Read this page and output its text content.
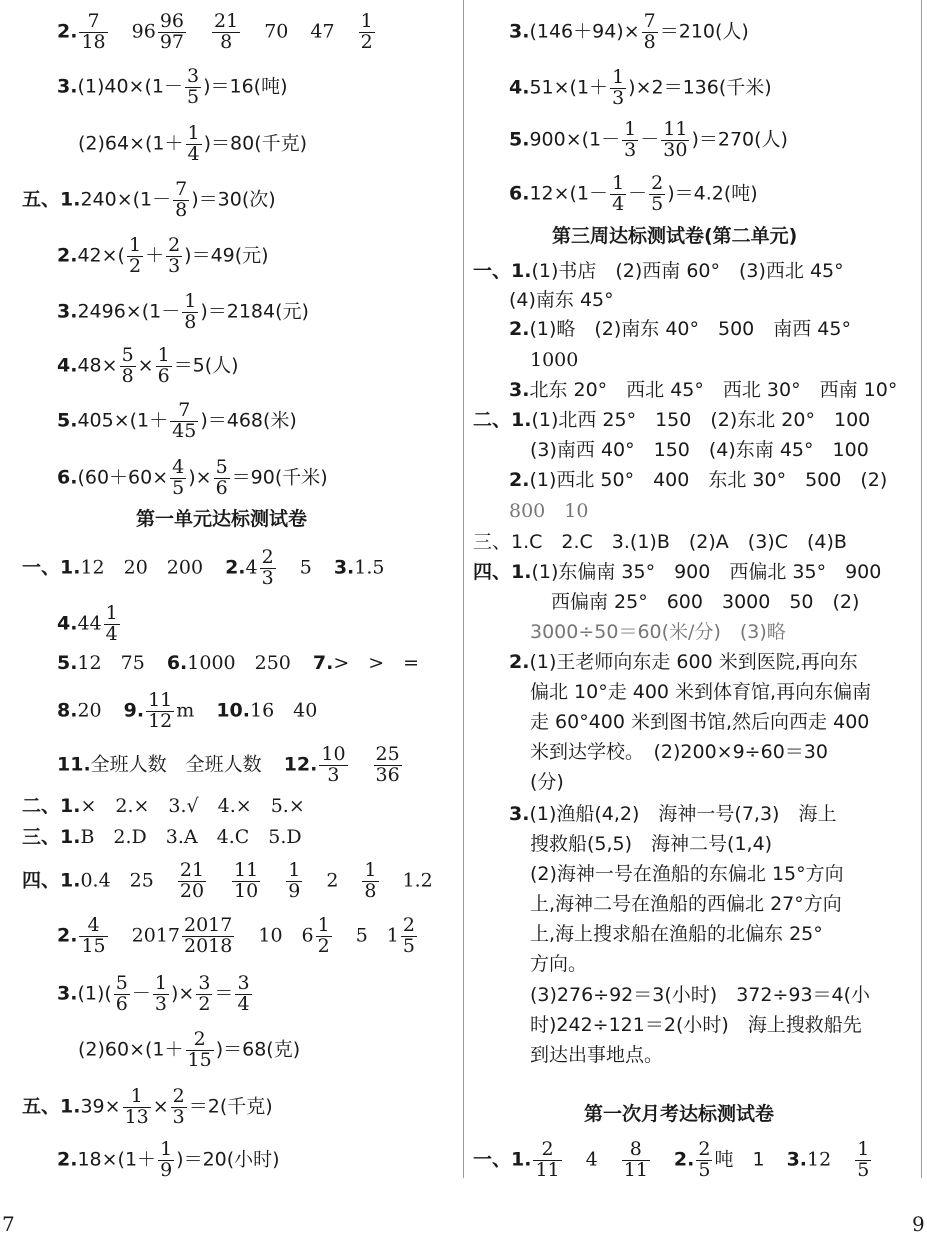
2. $\frac{7}{18} 96 \frac{96}{97} \frac{21}{8} 70$ $47 \frac{1}{2}$
$3.(1)40\times(1- \frac{3}{5} )=16$(吨)
$(2)64\times(1+ \frac{1}{4} )=80$(千克)
五、$1.240\times(1- \frac{7}{8} )=30$(次)
$2.42\times( \frac{1}{2} + \frac{2}{3} )=49$(元)
$3.2496\times(1- \frac{1}{8} )=2184$(元)
$4.48\times \frac{5}{8} \times \frac{1}{6} =5$(人)
$5.405\times(1+ \frac{7}{45} )=468$(米)
$6.(60+60\times \frac{4}{5}$ )× $\frac{5}{6} =90$(千米)
第一单元达标测试卷
一、1.12　20　200 $2.4 \frac{2}{3} 5$ 3.1.5
$4.44 \frac{1}{4}$
5.12　75 6.1000　250 7.>　>　=
8.20 9. $\frac{11}{12}$ m 10.16　40
11.全班人数　全班人数 12. $\frac{10}{3} \frac{25}{36}$
二、1.×　2.×　3.√　4.×　5.×
三、1.B　2.D　3.A　4.C　5.D
四、1.0.4　$25 \frac{21}{20} \frac{11}{10} \frac{1}{9} 2 \frac{1}{8} 1.2$
2. $\frac{4}{15} 2017 \frac{2017}{2018} 10$　$6 \frac{1}{2} 5$　$1 \frac{2}{5}$
$3.(1)( \frac{5}{6} - \frac{1}{3}$ )× $\frac{3}{2} = \frac{3}{4}$
$(2)60\times(1+ \frac{2}{15} )=68$(克)
五、$1.39\times \frac{1}{13} \times \frac{2}{3} =2$(千克)
$2.18\times(1+ \frac{1}{9} )=20$(小时)
$3.(146+94)\times \frac{7}{8} =210$(人)
$4.51\times(1+ \frac{1}{3} )\times 2=136$(千米)
$5.900\times(1- \frac{1}{3} - \frac{11}{30} )=270$(人)
$6.12\times(1- \frac{1}{4} - \frac{2}{5} )=4.2$(吨)
第三周达标测试卷(第二单元)
一、1.(1)书店　(2)西南 60°　(3)西北 45°
(4)南东 45°
2.(1)略　(2)南东 40°　500　南西 45°
1000
3.北东 20°　西北 45°　西北 30°　西南 10°
二、1.(1)北西 25°　150　(2)东北 20°　100
(3)南西 40°　150　(4)东南 45°　100
2.(1)西北 50°　400　东北 30°　500　(2)
800　10
三、1.C　2.C　3.(1)B　(2)A　(3)C　(4)B
四、1.(1)东偏南 35°　900　西偏北 35°　900
西偏南 25°　600　3000　50　(2)
3000÷50＝60(米/分)　(3)略
2.(1)王老师向东走 600 米到医院,再向东
偏北 10°走 400 米到体育馆,再向东偏南
走 60°400 米到图书馆,然后向西走 400
米到达学校。　(2)200×9÷60＝30
(分)
3.(1)渔船(4,2)　海神一号(7,3)　海上
搜救船(5,5)　海神二号(1,4)
(2)海神一号在渔船的东偏北 15°方向
上,海神二号在渔船的西偏北 27°方向
上,海上搜求船在渔船的北偏东 25°
方向。
(3)276÷92＝3(小时)　372÷93＝4(小
时)242÷121＝2(小时)　海上搜救船先
到达出事地点。
第一次月考达标测试卷
一、1. $\frac{2}{11} 4 \frac{8}{11} 2$. $\frac{2}{5}$ 吨　1 $3.12 \frac{1}{5}$
7	9
